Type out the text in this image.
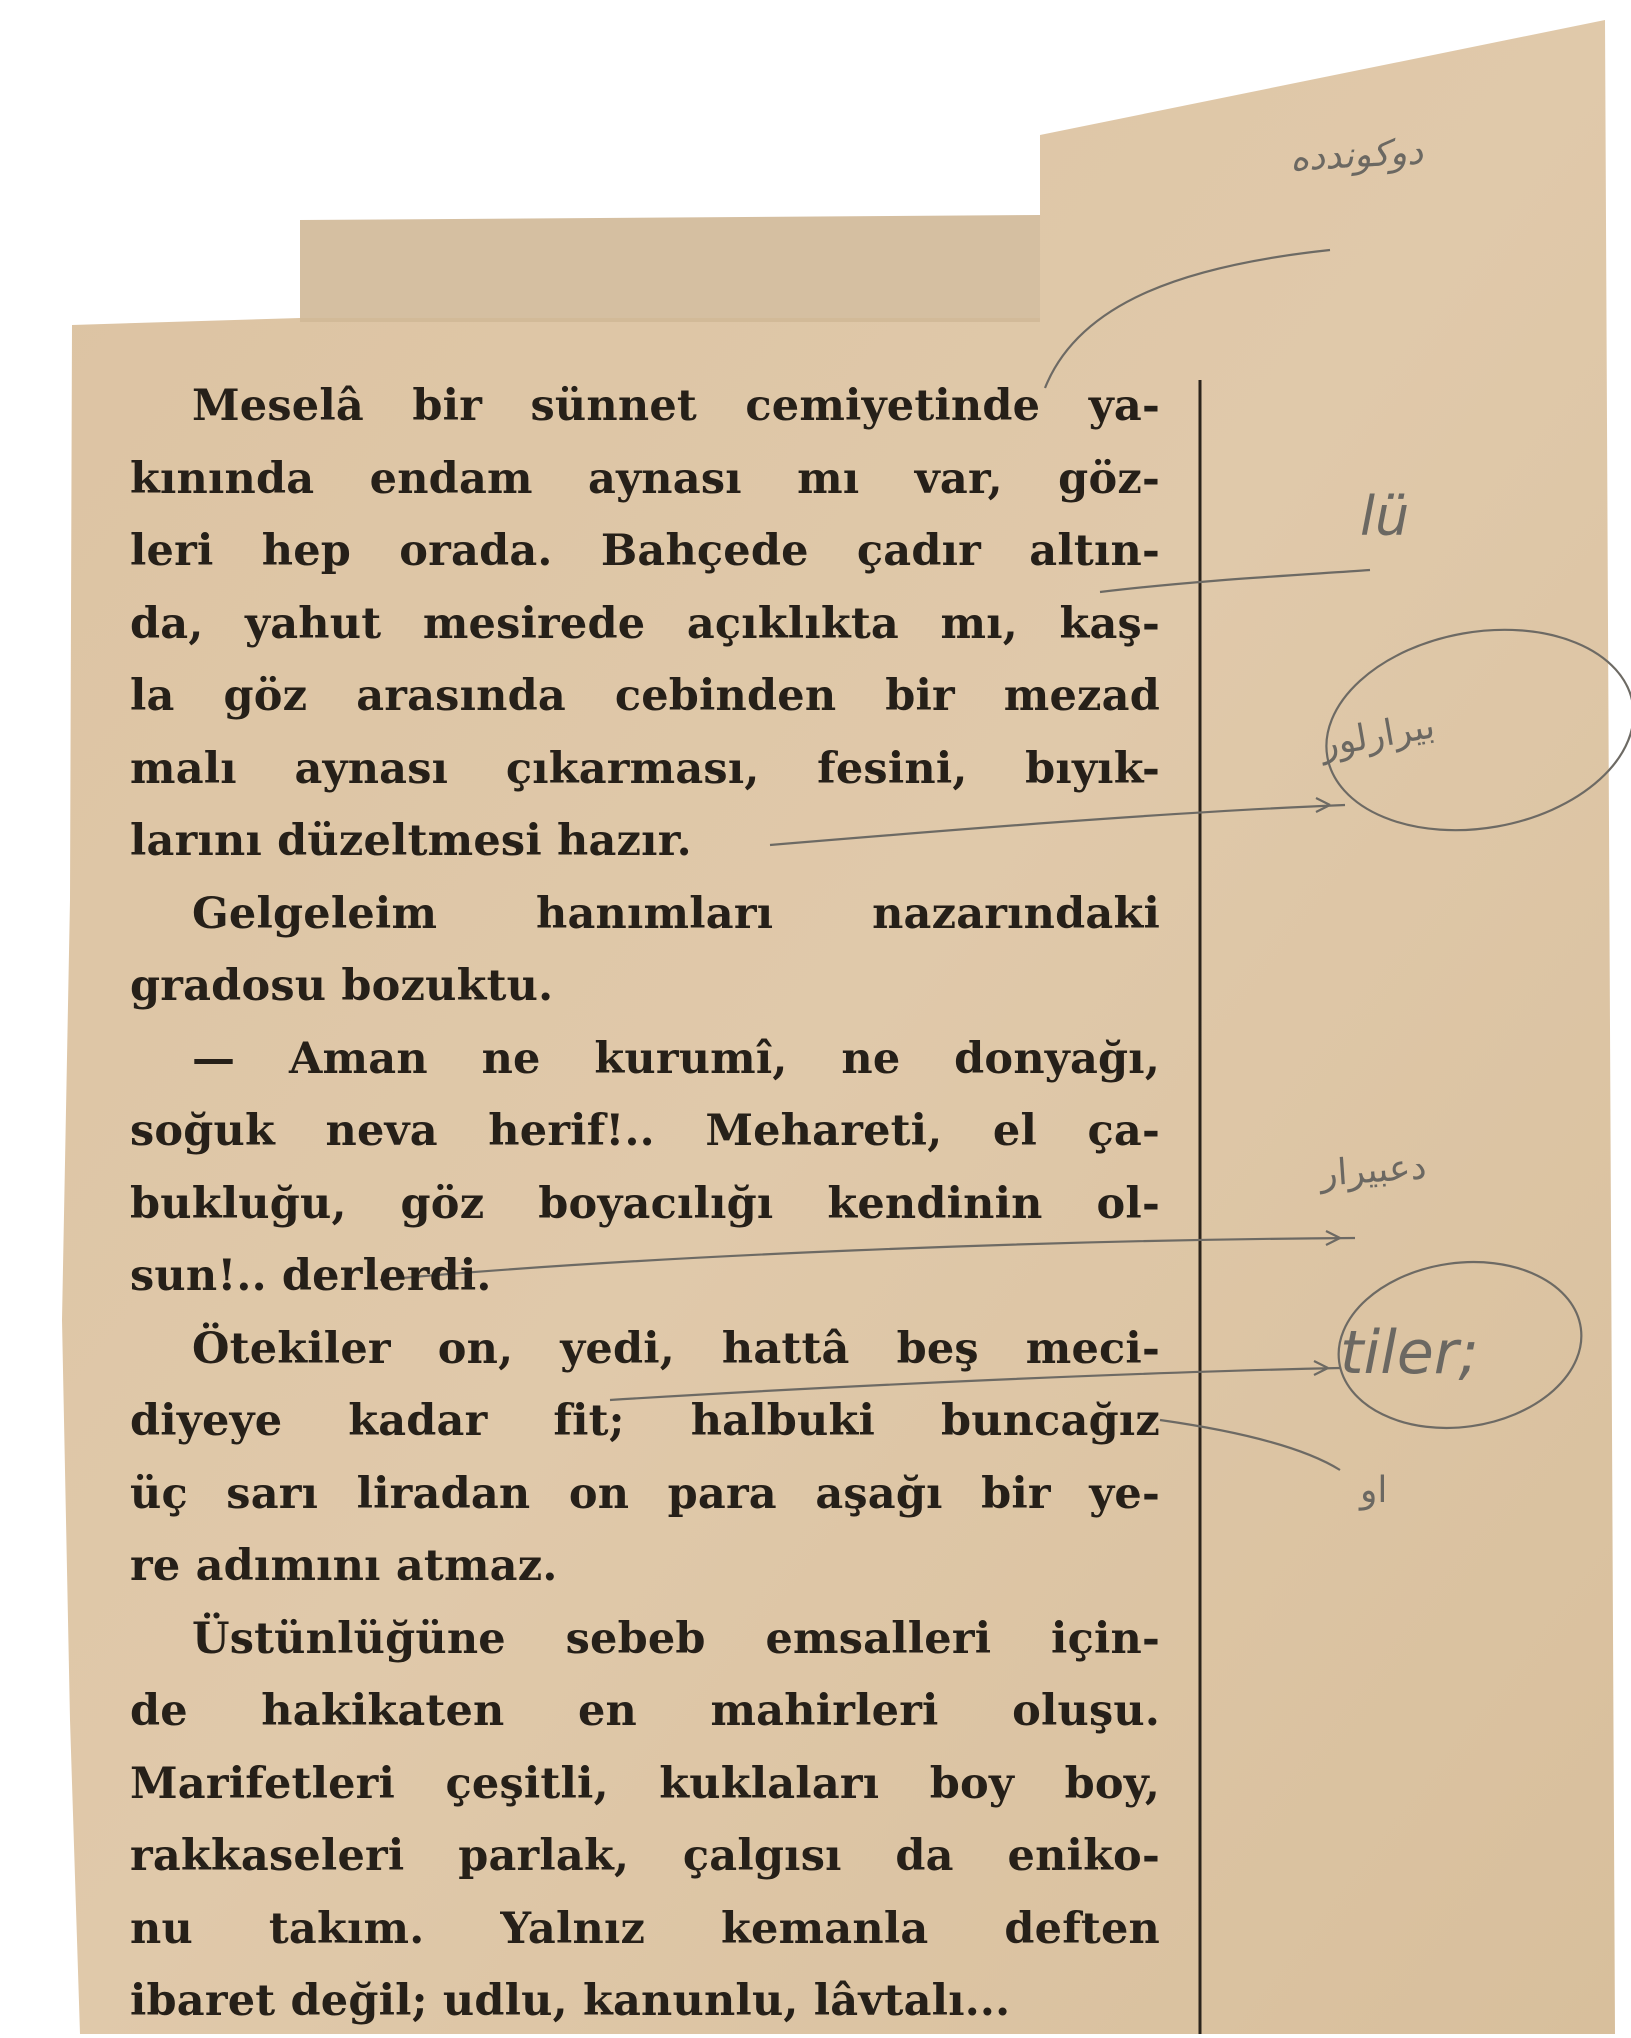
Meselâ bir sünnet cemiyetinde ya-
kınında endam aynası mı var, göz-
leri hep orada. Bahçede çadır altın-
da, yahut mesirede açıklıkta mı, kaş-
la göz arasında cebinden bir mezad
malı aynası çıkarması, fesini, bıyık-
larını düzeltmesi hazır.
Gelgeleim hanımları nazarındaki
gradosu bozuktu.
— Aman ne kurumî, ne donyağı,
soğuk neva herif!.. Mehareti, el ça-
bukluğu, göz boyacılığı kendinin ol-
sun!.. derlerdi.
Ötekiler on, yedi, hattâ beş meci-
diyeye kadar fit; halbuki buncağız
üç sarı liradan on para aşağı bir ye-
re adımını atmaz.
Üstünlüğüne sebeb emsalleri için-
de hakikaten en mahirleri oluşu.
Marifetleri çeşitli, kuklaları boy boy,
rakkaseleri parlak, çalgısı da eniko-
nu takım. Yalnız kemanla deften
ibaret değil; udlu, kanunlu, lâvtalı...
دوكوندده
lü
بيرارلور
دعبيرار
tiler;
او
